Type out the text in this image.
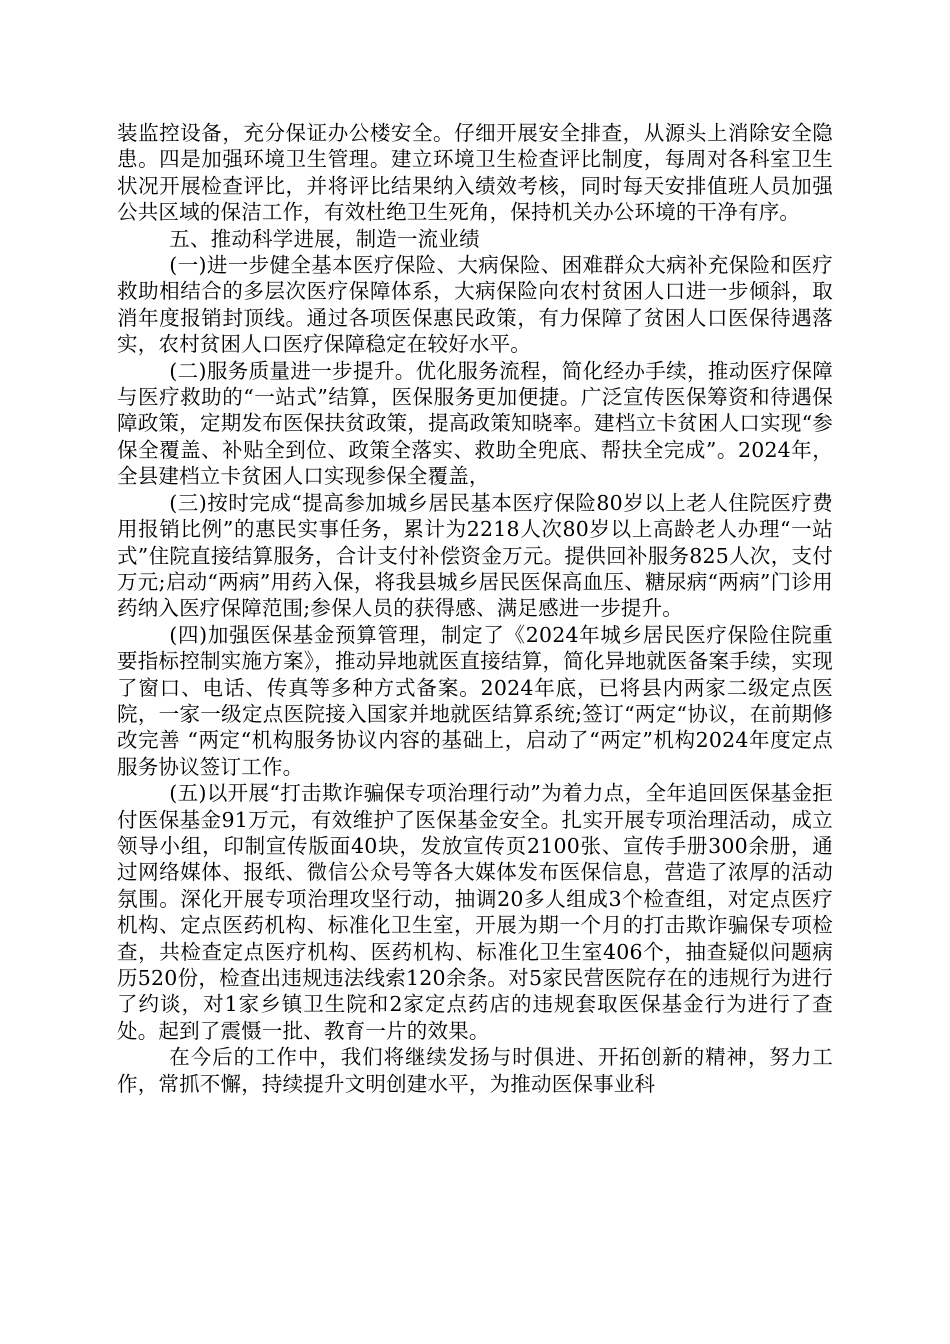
装监控设备，充分保证办公楼安全。仔细开展安全排查，从源头上消除安全隐患。四是加强环境卫生管理。建立环境卫生检查评比制度，每周对各科室卫生状况开展检查评比，并将评比结果纳入绩效考核，同时每天安排值班人员加强公共区域的保洁工作，有效杜绝卫生死角，保持机关办公环境的干净有序。

五、推动科学进展，制造一流业绩

(一)进一步健全基本医疗保险、大病保险、困难群众大病补充保险和医疗救助相结合的多层次医疗保障体系，大病保险向农村贫困人口进一步倾斜，取消年度报销封顶线。通过各项医保惠民政策，有力保障了贫困人口医保待遇落实，农村贫困人口医疗保障稳定在较好水平。

(二)服务质量进一步提升。优化服务流程，简化经办手续，推动医疗保障与医疗救助的“一站式”结算，医保服务更加便捷。广泛宣传医保筹资和待遇保障政策，定期发布医保扶贫政策，提高政策知晓率。建档立卡贫困人口实现“参保全覆盖、补贴全到位、政策全落实、救助全兜底、帮扶全完成”。2024年，全县建档立卡贫困人口实现参保全覆盖，

(三)按时完成“提高参加城乡居民基本医疗保险80岁以上老人住院医疗费用报销比例”的惠民实事任务，累计为2218人次80岁以上高龄老人办理“一站式”住院直接结算服务，合计支付补偿资金万元。提供回补服务825人次，支付万元;启动“两病”用药入保，将我县城乡居民医保高血压、糖尿病“两病”门诊用药纳入医疗保障范围;参保人员的获得感、满足感进一步提升。

(四)加强医保基金预算管理，制定了《2024年城乡居民医疗保险住院重要指标控制实施方案》，推动异地就医直接结算，简化异地就医备案手续，实现了窗口、电话、传真等多种方式备案。2024年底，已将县内两家二级定点医院，一家一级定点医院接入国家并地就医结算系统;签订“两定“协议，在前期修改完善 “两定“机构服务协议内容的基础上，启动了“两定”机构2024年度定点服务协议签订工作。

(五)以开展“打击欺诈骗保专项治理行动”为着力点，全年追回医保基金拒付医保基金91万元，有效维护了医保基金安全。扎实开展专项治理活动，成立领导小组，印制宣传版面40块，发放宣传页2100张、宣传手册300余册，通过网络媒体、报纸、微信公众号等各大媒体发布医保信息，营造了浓厚的活动氛围。深化开展专项治理攻坚行动，抽调20多人组成3个检查组，对定点医疗机构、定点医药机构、标准化卫生室，开展为期一个月的打击欺诈骗保专项检查，共检查定点医疗机构、医药机构、标准化卫生室406个，抽查疑似问题病历520份，检查出违规违法线索120余条。对5家民营医院存在的违规行为进行了约谈，对1家乡镇卫生院和2家定点药店的违规套取医保基金行为进行了查处。起到了震慑一批、教育一片的效果。

在今后的工作中，我们将继续发扬与时俱进、开拓创新的精神，努力工作，常抓不懈，持续提升文明创建水平，为推动医保事业科
